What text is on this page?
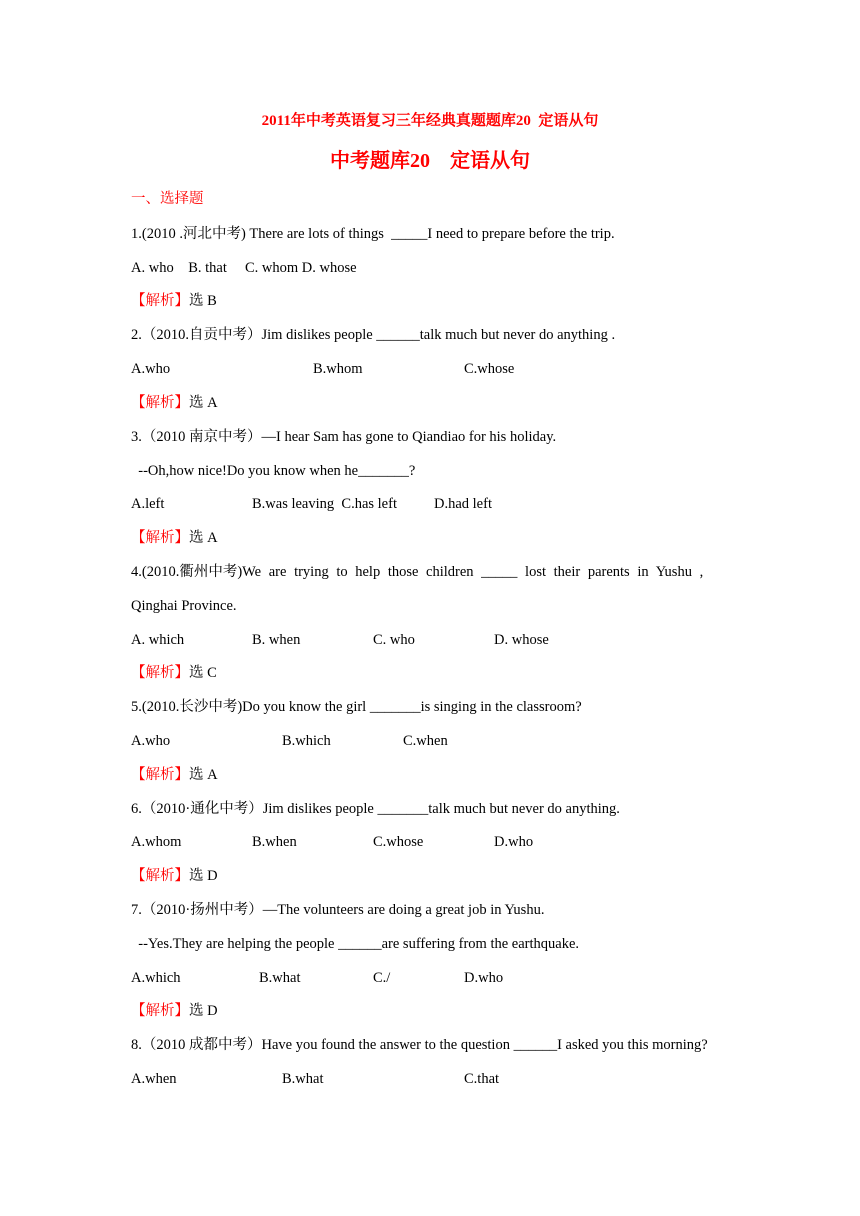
2011年中考英语复习三年经典真题题库20  定语从句
中考题库20    定语从句
一、选择题
1.(2010 .河北中考) There are lots of things  _____I need to prepare before the trip.
A. who    B. that     C. whom D. whose
【解析】选 B
2.（2010.自贡中考）Jim dislikes people ______talk much but never do anything .
A.who	B.whom	C.whose
【解析】选 A
3.（2010 南京中考）—I hear Sam has gone to Qiandiao for his holiday.
--Oh,how nice!Do you know when he_______?
A.left	B.was leaving  C.has left	D.had left
【解析】选 A
4.(2010.衢州中考)We are trying to help those children _____ lost their parents in Yushu ,
Qinghai Province.
A. which	B. when	C. who	D. whose
【解析】选 C
5.(2010.长沙中考)Do you know the girl _______is singing in the classroom?
A.who	B.which	C.when
【解析】选 A
6.（2010·通化中考）Jim dislikes people _______talk much but never do anything.
A.whom	B.when	C.whose	D.who
【解析】选 D
7.（2010·扬州中考）—The volunteers are doing a great job in Yushu.
--Yes.They are helping the people ______are suffering from the earthquake.
A.which	B.what	C./	D.who
【解析】选 D
8.（2010 成都中考）Have you found the answer to the question ______I asked you this morning?
A.when	B.what	C.that
